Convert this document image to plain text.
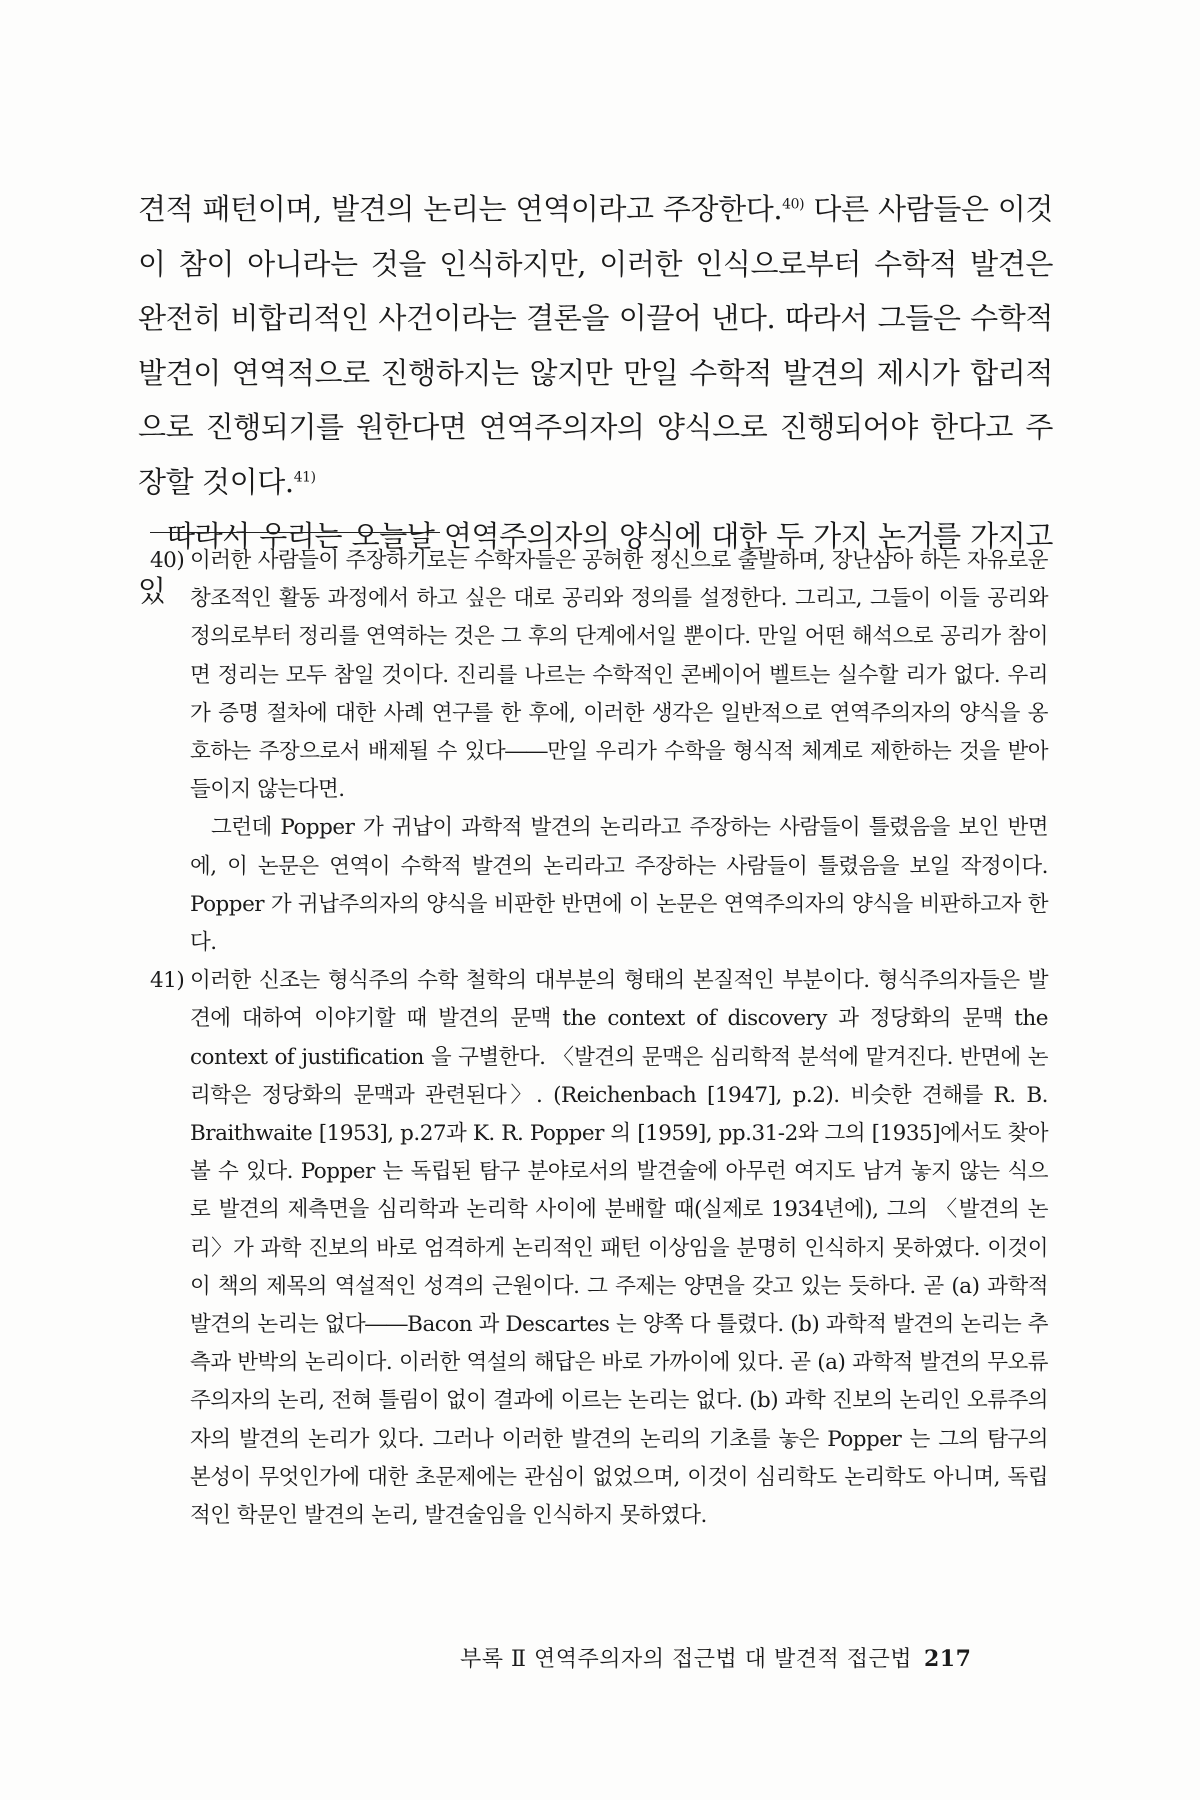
견적 패턴이며, 발견의 논리는 연역이라고 주장한다.$^{40)}$ 다른 사람들은 이것이 참이 아니라는 것을 인식하지만, 이러한 인식으로부터 수학적 발견은 완전히 비합리적인 사건이라는 결론을 이끌어 낸다. 따라서 그들은 수학적 발견이 연역적으로 진행하지는 않지만 만일 수학적 발견의 제시가 합리적으로 진행되기를 원한다면 연역주의자의 양식으로 진행되어야 한다고 주장할 것이다.$^{41)}$

따라서 우리는 오늘날 연역주의자의 양식에 대한 두 가지 논거를 가지고 있

40) 이러한 사람들이 주장하기로는 수학자들은 공허한 정신으로 출발하며, 장난삼아 하는 자유로운 창조적인 활동 과정에서 하고 싶은 대로 공리와 정의를 설정한다. 그리고, 그들이 이들 공리와 정의로부터 정리를 연역하는 것은 그 후의 단계에서일 뿐이다. 만일 어떤 해석으로 공리가 참이면 정리는 모두 참일 것이다. 진리를 나르는 수학적인 콘베이어 벨트는 실수할 리가 없다. 우리가 증명 절차에 대한 사례 연구를 한 후에, 이러한 생각은 일반적으로 연역주의자의 양식을 옹호하는 주장으로서 배제될 수 있다――만일 우리가 수학을 형식적 체계로 제한하는 것을 받아들이지 않는다면.

그런데 Popper 가 귀납이 과학적 발견의 논리라고 주장하는 사람들이 틀렸음을 보인 반면에, 이 논문은 연역이 수학적 발견의 논리라고 주장하는 사람들이 틀렸음을 보일 작정이다. Popper 가 귀납주의자의 양식을 비판한 반면에 이 논문은 연역주의자의 양식을 비판하고자 한다.

41) 이러한 신조는 형식주의 수학 철학의 대부분의 형태의 본질적인 부분이다. 형식주의자들은 발견에 대하여 이야기할 때 발견의 문맥 the context of discovery 과 정당화의 문맥 the context of justification 을 구별한다. 〈발견의 문맥은 심리학적 분석에 맡겨진다. 반면에 논리학은 정당화의 문맥과 관련된다〉. (Reichenbach [1947], p.2). 비슷한 견해를 R. B. Braithwaite [1953], p.27과 K. R. Popper 의 [1959], pp.31-2와 그의 [1935]에서도 찾아볼 수 있다. Popper 는 독립된 탐구 분야로서의 발견술에 아무런 여지도 남겨 놓지 않는 식으로 발견의 제측면을 심리학과 논리학 사이에 분배할 때(실제로 1934년에), 그의 〈발견의 논리〉가 과학 진보의 바로 엄격하게 논리적인 패턴 이상임을 분명히 인식하지 못하였다. 이것이 이 책의 제목의 역설적인 성격의 근원이다. 그 주제는 양면을 갖고 있는 듯하다. 곧 (a) 과학적 발견의 논리는 없다――Bacon 과 Descartes 는 양쪽 다 틀렸다. (b) 과학적 발견의 논리는 추측과 반박의 논리이다. 이러한 역설의 해답은 바로 가까이에 있다. 곧 (a) 과학적 발견의 무오류주의자의 논리, 전혀 틀림이 없이 결과에 이르는 논리는 없다. (b) 과학 진보의 논리인 오류주의자의 발견의 논리가 있다. 그러나 이러한 발견의 논리의 기초를 놓은 Popper 는 그의 탐구의 본성이 무엇인가에 대한 초문제에는 관심이 없었으며, 이것이 심리학도 논리학도 아니며, 독립적인 학문인 발견의 논리, 발견술임을 인식하지 못하였다.

부록 Ⅱ 연역주의자의 접근법 대 발견적 접근법 217
